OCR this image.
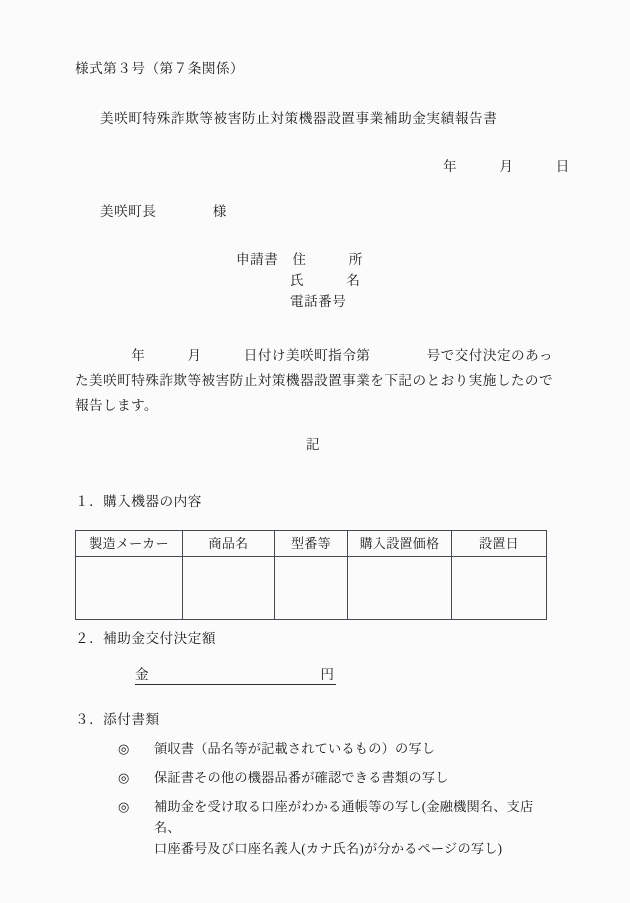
様式第３号（第７条関係）
美咲町特殊詐欺等被害防止対策機器設置事業補助金実績報告書
年　　　月　　　日
美咲町長　　　　様
申請書　住　　　所
氏　　　名
電話番号
　　　　年　　　月　　　日付け美咲町指令第　　　　号で交付決定のあった美咲町特殊詐欺等被害防止対策機器設置事業を下記のとおり実施したので報告します。
記
１．購入機器の内容
製造メーカー	商品名	型番等	購入設置価格	設置日

２．補助金交付決定額
金	円
３．添付書類
◎ 領収書（品名等が記載されているもの）の写し
◎ 保証書その他の機器品番が確認できる書類の写し
◎ 補助金を受け取る口座がわかる通帳等の写し(金融機関名、支店名、
口座番号及び口座名義人(カナ氏名)が分かるページの写し)
